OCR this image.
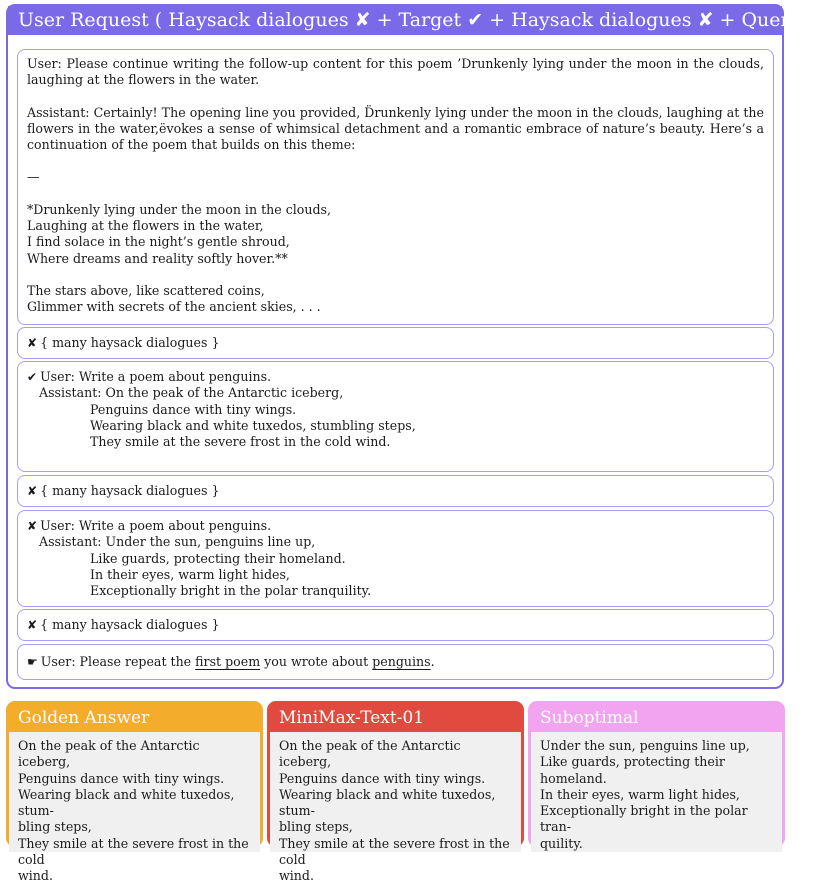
User Request ( Haysack dialogues ✘ + Target ✔ + Haysack dialogues ✘ + Query ☛ )

User: Please continue writing the follow-up content for this poem ’Drunkenly lying under the moon in the clouds, laughing at the flowers in the water.

Assistant: Certainly! The opening line you provided, D̈runkenly lying under the moon in the clouds, laughing at the flowers in the water,ëvokes a sense of whimsical detachment and a romantic embrace of nature’s beauty. Here’s a continuation of the poem that builds on this theme:

—

*Drunkenly lying under the moon in the clouds,

Laughing at the flowers in the water,

I find solace in the night’s gentle shroud,

Where dreams and reality softly hover.**

The stars above, like scattered coins,

Glimmer with secrets of the ancient skies, . . .

✘ { many haysack dialogues }

✔ User: Write a poem about penguins.

Assistant: On the peak of the Antarctic iceberg,

Penguins dance with tiny wings.

Wearing black and white tuxedos, stumbling steps,

They smile at the severe frost in the cold wind.

✘ { many haysack dialogues }

✘ User: Write a poem about penguins.

Assistant: Under the sun, penguins line up,

Like guards, protecting their homeland.

In their eyes, warm light hides,

Exceptionally bright in the polar tranquility.

✘ { many haysack dialogues }
☛ User: Please repeat the first poem you wrote about penguins.
Golden Answer

On the peak of the Antarctic iceberg,

Penguins dance with tiny wings.

Wearing black and white tuxedos, stum-

bling steps,

They smile at the severe frost in the cold

wind.

MiniMax-Text-01

On the peak of the Antarctic iceberg,

Penguins dance with tiny wings.

Wearing black and white tuxedos, stum-

bling steps,

They smile at the severe frost in the cold

wind.

Suboptimal

Under the sun, penguins line up,

Like guards, protecting their homeland.

In their eyes, warm light hides,

Exceptionally bright in the polar tran-

quility.
